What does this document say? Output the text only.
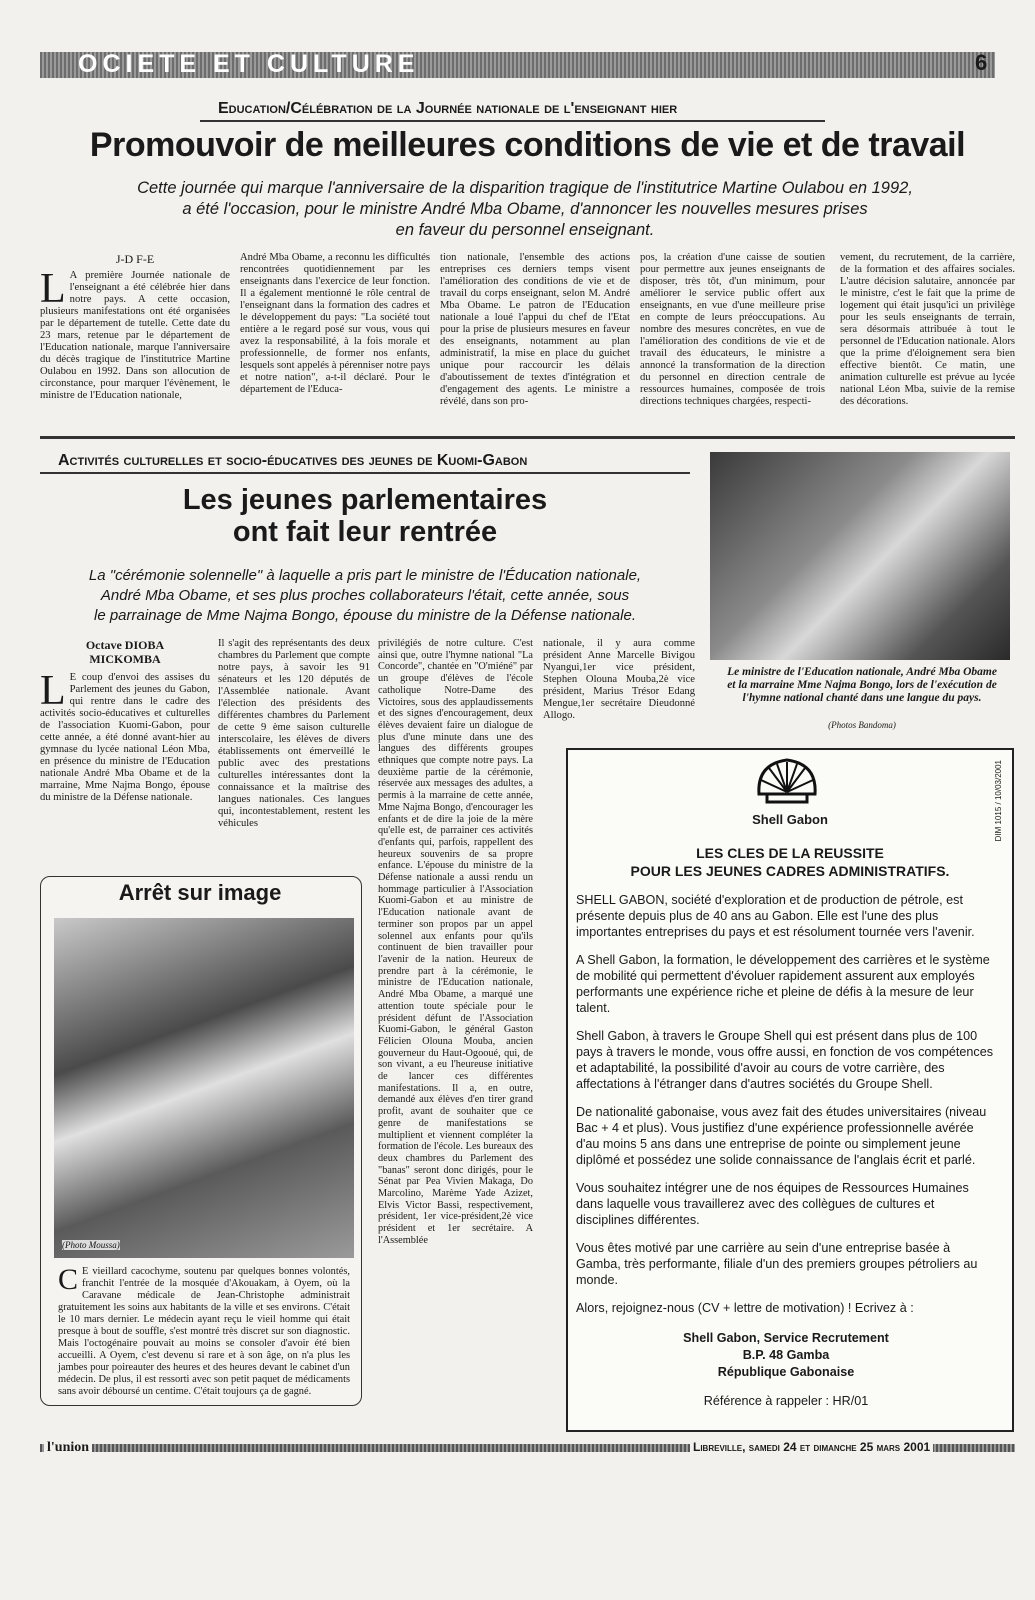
OCIETE ET CULTURE	6
Education/Célébration de la Journée nationale de l'enseignant hier
Promouvoir de meilleures conditions de vie et de travail
Cette journée qui marque l'anniversaire de la disparition tragique de l'institutrice Martine Oulabou en 1992,
a été l'occasion, pour le ministre André Mba Obame, d'annoncer les nouvelles mesures prises
en faveur du personnel enseignant.
J-D F-E
L A première Journée nationale de l'enseignant a été célébrée hier dans notre pays. A cette occasion, plusieurs manifestations ont été organisées par le département de tutelle. Cette date du 23 mars, retenue par le département de l'Education nationale, marque l'anniversaire du décès tragique de l'institutrice Martine Oulabou en 1992. Dans son allocution de circonstance, pour marquer l'évènement, le ministre de l'Education nationale,
André Mba Obame, a reconnu les difficultés rencontrées quotidiennement par les enseignants dans l'exercice de leur fonction. Il a également mentionné le rôle central de l'enseignant dans la formation des cadres et le développement du pays: "La société tout entière a le regard posé sur vous, vous qui avez la responsabilité, à la fois morale et professionnelle, de former nos enfants, lesquels sont appelés à pérenniser notre pays et notre nation", a-t-il déclaré. Pour le département de l'Educa-
tion nationale, l'ensemble des actions entreprises ces derniers temps visent l'amélioration des conditions de vie et de travail du corps enseignant, selon M. André Mba Obame. Le patron de l'Education nationale a loué l'appui du chef de l'Etat pour la prise de plusieurs mesures en faveur des enseignants, notamment au plan administratif, la mise en place du guichet unique pour raccourcir les délais d'aboutissement de textes d'intégration et d'engagement des agents. Le ministre a révélé, dans son pro-
pos, la création d'une caisse de soutien pour permettre aux jeunes enseignants de disposer, très tôt, d'un minimum, pour améliorer le service public offert aux enseignants, en vue d'une meilleure prise en compte de leurs préoccupations. Au nombre des mesures concrètes, en vue de l'amélioration des conditions de vie et de travail des éducateurs, le ministre a annoncé la transformation de la direction du personnel en direction centrale de ressources humaines, composée de trois directions techniques chargées, respecti-
vement, du recrutement, de la carrière, de la formation et des affaires sociales. L'autre décision salutaire, annoncée par le ministre, c'est le fait que la prime de logement qui était jusqu'ici un privilège pour les seuls enseignants de terrain, sera désormais attribuée à tout le personnel de l'Education nationale. Alors que la prime d'éloignement sera bien effective bientôt. Ce matin, une animation culturelle est prévue au lycée national Léon Mba, suivie de la remise des décorations.
Activités culturelles et socio-éducatives des jeunes de Kuomi-Gabon
Les jeunes parlementaires
ont fait leur rentrée
La "cérémonie solennelle" à laquelle a pris part le ministre de l'Éducation nationale,
André Mba Obame, et ses plus proches collaborateurs l'était, cette année, sous
le parrainage de Mme Najma Bongo, épouse du ministre de la Défense nationale.
Le ministre de l'Education nationale, André Mba Obame et la marraine Mme Najma Bongo, lors de l'exécution de l'hymne national chanté dans une langue du pays.
(Photos Bandoma)
Octave DIOBA
MICKOMBA
L E coup d'envoi des assises du Parlement des jeunes du Gabon, qui rentre dans le cadre des activités socio-éducatives et culturelles de l'association Kuomi-Gabon, pour cette année, a été donné avant-hier au gymnase du lycée national Léon Mba, en présence du ministre de l'Education nationale André Mba Obame et de la marraine, Mme Najma Bongo, épouse du ministre de la Défense nationale.
Il s'agit des représentants des deux chambres du Parlement que compte notre pays, à savoir les 91 sénateurs et les 120 députés de l'Assemblée nationale. Avant l'élection des présidents des différentes chambres du Parlement de cette 9 ème saison culturelle interscolaire, les élèves de divers établissements ont émerveillé le public avec des prestations culturelles intéressantes dont la connaissance et la maîtrise des langues nationales. Ces langues qui, incontestablement, restent les véhicules
privilégiés de notre culture. C'est ainsi que, outre l'hymne national "La Concorde", chantée en "O'miéné" par un groupe d'élèves de l'école catholique Notre-Dame des Victoires, sous des applaudissements et des signes d'encouragement, deux élèves devaient faire un dialogue de plus d'une minute dans une des langues des différents groupes ethniques que compte notre pays. La deuxième partie de la cérémonie, réservée aux messages des adultes, a permis à la marraine de cette année, Mme Najma Bongo, d'encourager les enfants et de dire la joie de la mère qu'elle est, de parrainer ces activités d'enfants qui, parfois, rappellent des heureux souvenirs de sa propre enfance. L'épouse du ministre de la Défense nationale a aussi rendu un hommage particulier à l'Association Kuomi-Gabon et au ministre de l'Education nationale avant de terminer son propos par un appel solennel aux enfants pour qu'ils continuent de bien travailler pour l'avenir de la nation. Heureux de prendre part à la cérémonie, le ministre de l'Education nationale, André Mba Obame, a marqué une attention toute spéciale pour le président défunt de l'Association Kuomi-Gabon, le général Gaston Félicien Olouna Mouba, ancien gouverneur du Haut-Ogooué, qui, de son vivant, a eu l'heureuse initiative de lancer ces différentes manifestations. Il a, en outre, demandé aux élèves d'en tirer grand profit, avant de souhaiter que ce genre de manifestations se multiplient et viennent compléter la formation de l'école. Les bureaux des deux chambres du Parlement des "banas" seront donc dirigés, pour le Sénat par Pea Vivien Makaga, Do Marcolino, Marème Yade Azizet, Elvis Victor Bassi, respectivement, président, 1er vice-président,2è vice président et 1er secrétaire. A l'Assemblée
nationale, il y aura comme président Anne Marcelle Bivigou Nyangui,1er vice président, Stephen Olouna Mouba,2è vice président, Marius Trésor Edang Mengue,1er secrétaire Dieudonné Allogo.
Arrêt sur image
(Photo Moussa)
C E vieillard cacochyme, soutenu par quelques bonnes volontés, franchit l'entrée de la mosquée d'Akouakam, à Oyem, où la Caravane médicale de Jean-Christophe administrait gratuitement les soins aux habitants de la ville et ses environs. C'était le 10 mars dernier. Le médecin ayant reçu le vieil homme qui était presque à bout de souffle, s'est montré très discret sur son diagnostic. Mais l'octogénaire pouvait au moins se consoler d'avoir été bien accueilli. A Oyem, c'est devenu si rare et à son âge, on n'a plus les jambes pour poireauter des heures et des heures devant le cabinet d'un médecin. De plus, il est ressorti avec son petit paquet de médicaments sans avoir déboursé un centime. C'était toujours ça de gagné.
Shell Gabon	DIM 1015 / 10/03/2001
LES CLES DE LA REUSSITE
POUR LES JEUNES CADRES ADMINISTRATIFS.

SHELL GABON, société d'exploration et de production de pétrole, est présente depuis plus de 40 ans au Gabon. Elle est l'une des plus importantes entreprises du pays et est résolument tournée vers l'avenir.

A Shell Gabon, la formation, le développement des carrières et le système de mobilité qui permettent d'évoluer rapidement assurent aux employés performants une expérience riche et pleine de défis à la mesure de leur talent.

Shell Gabon, à travers le Groupe Shell qui est présent dans plus de 100 pays à travers le monde, vous offre aussi, en fonction de vos compétences et adaptabilité, la possibilité d'avoir au cours de votre carrière, des affectations à l'étranger dans d'autres sociétés du Groupe Shell.

De nationalité gabonaise, vous avez fait des études universitaires (niveau Bac + 4 et plus). Vous justifiez d'une expérience professionnelle avérée d'au moins 5 ans dans une entreprise de pointe ou simplement jeune diplômé et possédez une solide connaissance de l'anglais écrit et parlé.

Vous souhaitez intégrer une de nos équipes de Ressources Humaines dans laquelle vous travaillerez avec des collègues de cultures et disciplines différentes.

Vous êtes motivé par une carrière au sein d'une entreprise basée à Gamba, très performante, filiale d'un des premiers groupes pétroliers au monde.

Alors, rejoignez-nous (CV + lettre de motivation) ! Ecrivez à :

Shell Gabon, Service Recrutement
B.P. 48 Gamba
République Gabonaise
Référence à rappeler : HR/01
l'union	Libreville, samedi 24 et dimanche 25 mars 2001
